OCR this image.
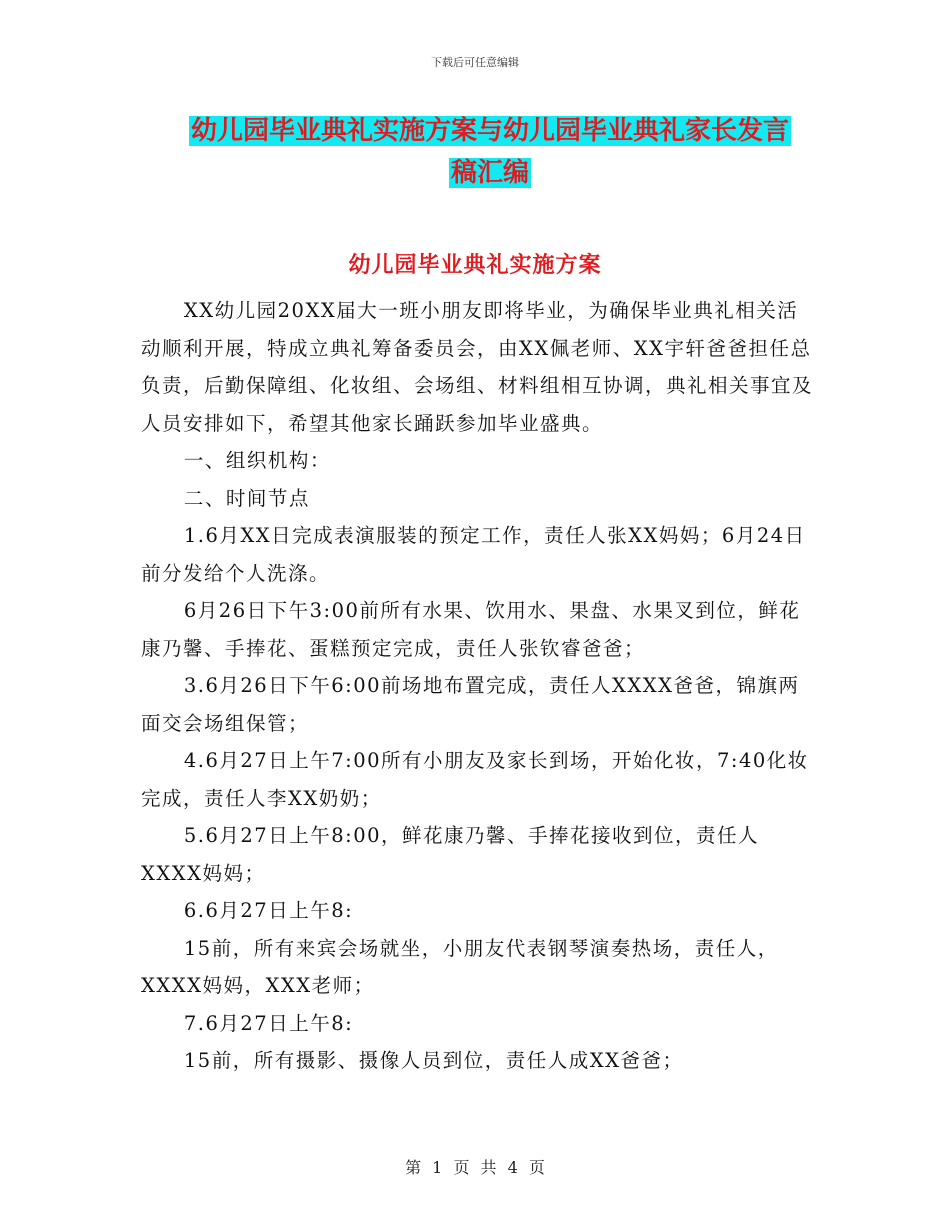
下载后可任意编辑
幼儿园毕业典礼实施方案与幼儿园毕业典礼家长发言
稿汇编
幼儿园毕业典礼实施方案

XX幼儿园20XX届大一班小朋友即将毕业，为确保毕业典礼相关活动顺利开展，特成立典礼筹备委员会，由XX佩老师、XX宇轩爸爸担任总负责，后勤保障组、化妆组、会场组、材料组相互协调，典礼相关事宜及人员安排如下，希望其他家长踊跃参加毕业盛典。

一、组织机构：

二、时间节点

1.6月XX日完成表演服装的预定工作，责任人张XX妈妈；6月24日前分发给个人洗涤。

6月26日下午3:00前所有水果、饮用水、果盘、水果叉到位，鲜花康乃馨、手捧花、蛋糕预定完成，责任人张钦睿爸爸；

3.6月26日下午6:00前场地布置完成，责任人XXXX爸爸，锦旗两面交会场组保管；

4.6月27日上午7:00所有小朋友及家长到场，开始化妆，7:40化妆完成，责任人李XX奶奶；

5.6月27日上午8:00，鲜花康乃馨、手捧花接收到位，责任人XXXX妈妈；

6.6月27日上午8:

15前，所有来宾会场就坐，小朋友代表钢琴演奏热场，责任人，XXXX妈妈，XXX老师；

7.6月27日上午8:

15前，所有摄影、摄像人员到位，责任人成XX爸爸；

第 1 页 共 4 页
